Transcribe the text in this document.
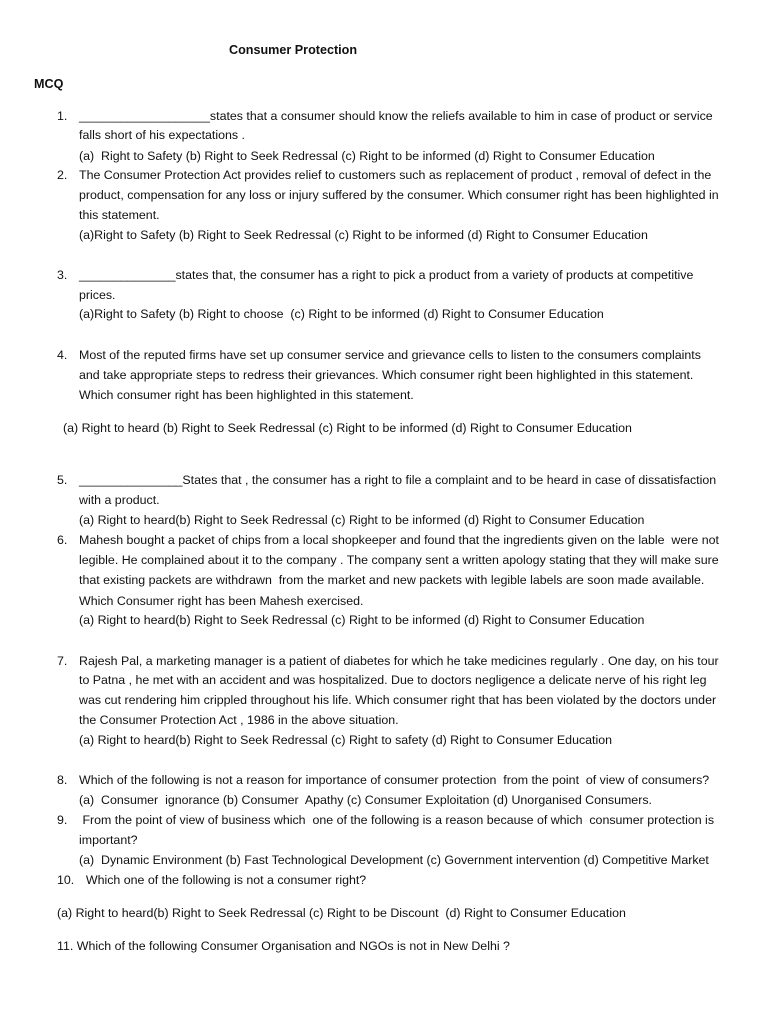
Consumer Protection
MCQ
1. ___________________states that a consumer should know the reliefs available to him in case of product or service
falls short of his expectations .
(a)  Right to Safety (b) Right to Seek Redressal (c) Right to be informed (d) Right to Consumer Education
2. The Consumer Protection Act provides relief to customers such as replacement of product , removal of defect in the
product, compensation for any loss or injury suffered by the consumer. Which consumer right has been highlighted in
this statement.
(a)Right to Safety (b) Right to Seek Redressal (c) Right to be informed (d) Right to Consumer Education
3. ______________states that, the consumer has a right to pick a product from a variety of products at competitive
prices.
(a)Right to Safety (b) Right to choose  (c) Right to be informed (d) Right to Consumer Education
4. Most of the reputed firms have set up consumer service and grievance cells to listen to the consumers complaints
and take appropriate steps to redress their grievances. Which consumer right been highlighted in this statement.
Which consumer right has been highlighted in this statement.
(a) Right to heard (b) Right to Seek Redressal (c) Right to be informed (d) Right to Consumer Education
5. _______________States that , the consumer has a right to file a complaint and to be heard in case of dissatisfaction
with a product.
(a) Right to heard(b) Right to Seek Redressal (c) Right to be informed (d) Right to Consumer Education
6. Mahesh bought a packet of chips from a local shopkeeper and found that the ingredients given on the lable  were not
legible. He complained about it to the company . The company sent a written apology stating that they will make sure
that existing packets are withdrawn  from the market and new packets with legible labels are soon made available.
Which Consumer right has been Mahesh exercised.
(a) Right to heard(b) Right to Seek Redressal (c) Right to be informed (d) Right to Consumer Education
7. Rajesh Pal, a marketing manager is a patient of diabetes for which he take medicines regularly . One day, on his tour
to Patna , he met with an accident and was hospitalized. Due to doctors negligence a delicate nerve of his right leg
was cut rendering him crippled throughout his life. Which consumer right that has been violated by the doctors under
the Consumer Protection Act , 1986 in the above situation.
(a) Right to heard(b) Right to Seek Redressal (c) Right to safety (d) Right to Consumer Education
8. Which of the following is not a reason for importance of consumer protection  from the point  of view of consumers?
(a)  Consumer  ignorance (b) Consumer  Apathy (c) Consumer Exploitation (d) Unorganised Consumers.
9. From the point of view of business which  one of the following is a reason because of which  consumer protection is
important?
(a)  Dynamic Environment (b) Fast Technological Development (c) Government intervention (d) Competitive Market
10. Which one of the following is not a consumer right?
(a) Right to heard(b) Right to Seek Redressal (c) Right to be Discount  (d) Right to Consumer Education
11. Which of the following Consumer Organisation and NGOs is not in New Delhi ?
